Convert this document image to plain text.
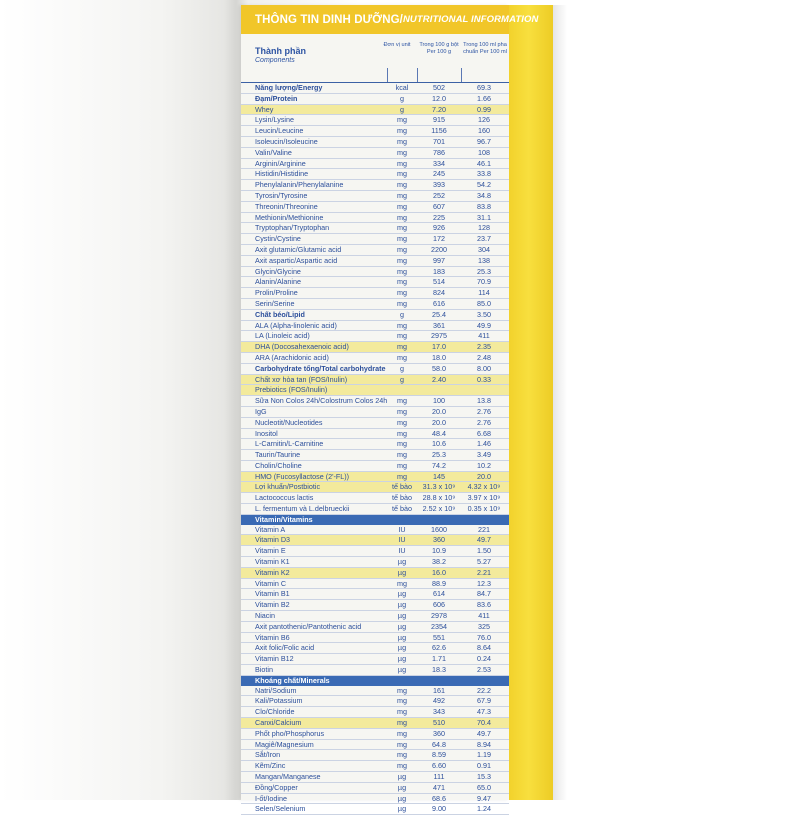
THÔNG TIN DINH DƯỠNG/ NUTRITIONAL INFORMATION
Thành phần
Components
Đơn vị unit	Trong 100 g bột Per 100 g
Trong 100 ml pha chuẩn Per 100 ml
Năng lượng/Energy	kcal	502	69.3
Đạm/Protein	g	12.0	1.66
Whey	g	7.20	0.99
Lysin/Lysine	mg	915	126
Leucin/Leucine	mg	1156	160
Isoleucin/Isoleucine	mg	701	96.7
Valin/Valine	mg	786	108
Arginin/Arginine	mg	334	46.1
Histidin/Histidine	mg	245	33.8
Phenylalanin/Phenylalanine	mg	393	54.2
Tyrosin/Tyrosine	mg	252	34.8
Threonin/Threonine	mg	607	83.8
Methionin/Methionine	mg	225	31.1
Tryptophan/Tryptophan	mg	926	128
Cystin/Cystine	mg	172	23.7
Axit glutamic/Glutamic acid	mg	2200	304
Axit aspartic/Aspartic acid	mg	997	138
Glycin/Glycine	mg	183	25.3
Alanin/Alanine	mg	514	70.9
Prolin/Proline	mg	824	114
Serin/Serine	mg	616	85.0
Chất béo/Lipid	g	25.4	3.50
ALA (Alpha-linolenic acid)	mg	361	49.9
LA (Linoleic acid)	mg	2975	411
DHA (Docosahexaenoic acid)	mg	17.0	2.35
ARA (Arachidonic acid)	mg	18.0	2.48
Carbohydrate tổng/Total carbohydrate	g	58.0	8.00
Chất xơ hòa tan (FOS/Inulin)	g	2.40	0.33
Prebiotics (FOS/Inulin)
Sữa Non Colos 24h/Colostrum Colos 24h	mg	100	13.8
IgG	mg	20.0	2.76
Nucleotit/Nucleotides	mg	20.0	2.76
Inositol	mg	48.4	6.68
L-Carnitin/L-Carnitine	mg	10.6	1.46
Taurin/Taurine	mg	25.3	3.49
Cholin/Choline	mg	74.2	10.2
HMO (Fucosyllactose (2'-FL))	mg	145	20.0
Lợi khuẩn/Postbiotic	tế bào	31.3 x 10⁹	4.32 x 10⁹
Lactococcus lactis	tế bào	28.8 x 10⁹	3.97 x 10⁹
L. fermentum và L.delbrueckii	tế bào	2.52 x 10⁹	0.35 x 10⁹
Vitamin/Vitamins
Vitamin A	IU	1600	221
Vitamin D3	IU	360	49.7
Vitamin E	IU	10.9	1.50
Vitamin K1	µg	38.2	5.27
Vitamin K2	µg	16.0	2.21
Vitamin C	mg	88.9	12.3
Vitamin B1	µg	614	84.7
Vitamin B2	µg	606	83.6
Niacin	µg	2978	411
Axit pantothenic/Pantothenic acid	µg	2354	325
Vitamin B6	µg	551	76.0
Axit folic/Folic acid	µg	62.6	8.64
Vitamin B12	µg	1.71	0.24
Biotin	µg	18.3	2.53
Khoáng chất/Minerals
Natri/Sodium	mg	161	22.2
Kali/Potassium	mg	492	67.9
Clo/Chloride	mg	343	47.3
Canxi/Calcium	mg	510	70.4
Phốt pho/Phosphorus	mg	360	49.7
Magiê/Magnesium	mg	64.8	8.94
Sắt/Iron	mg	8.59	1.19
Kẽm/Zinc	mg	6.60	0.91
Mangan/Manganese	µg	111	15.3
Đồng/Copper	µg	471	65.0
I-ốt/Iodine	µg	68.6	9.47
Selen/Selenium	µg	9.00	1.24
